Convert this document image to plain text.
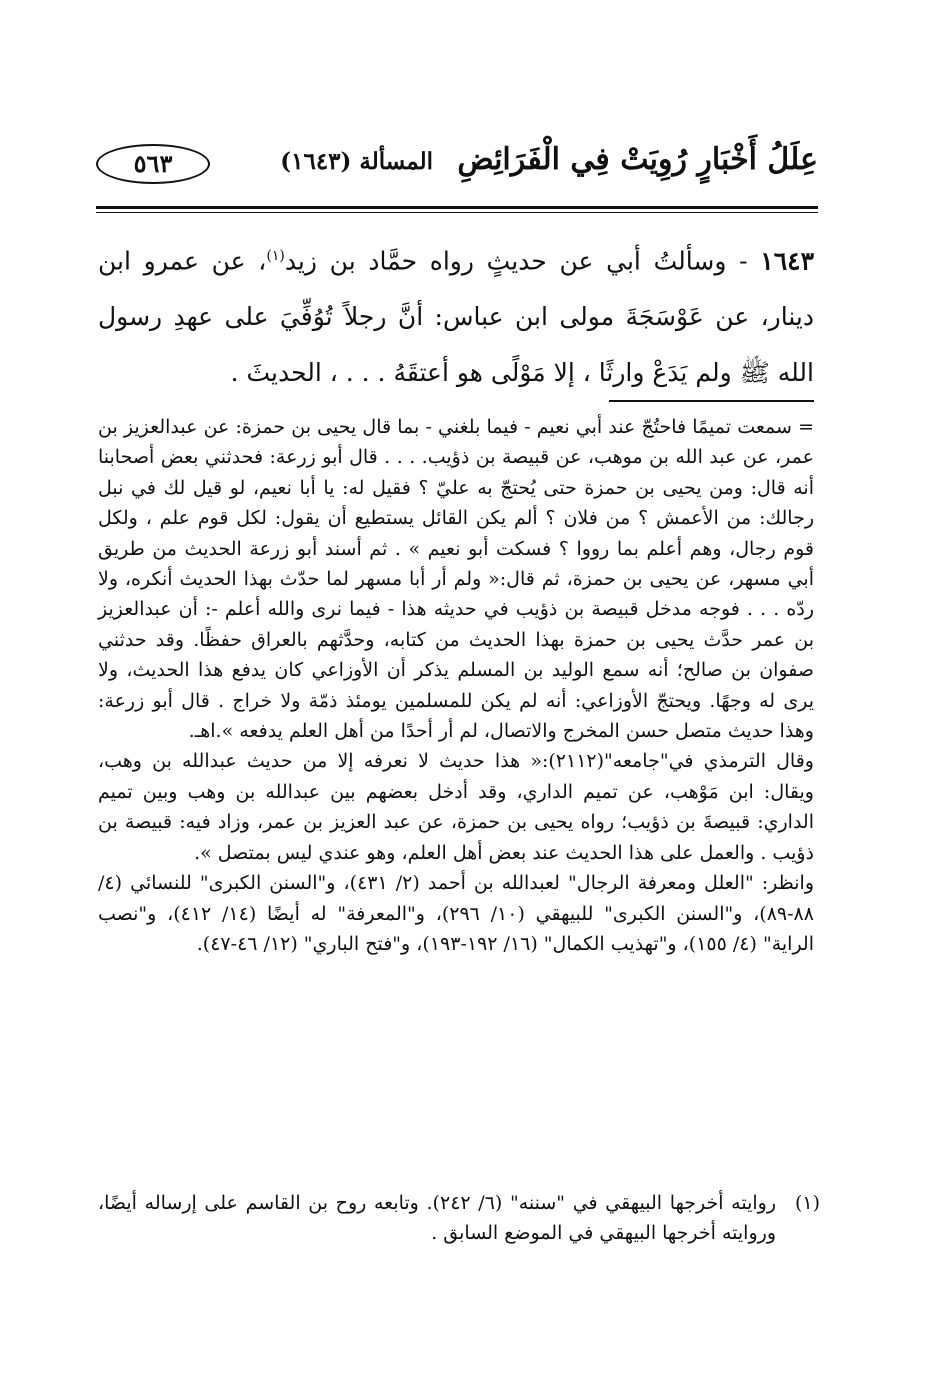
عِلَلُ أَخْبَارٍ رُوِيَتْ فِي الْفَرَائِضِ
المسألة (١٦٤٣)
٥٦٣

١٦٤٣ - وسألتُ أبي عن حديثٍ رواه حمَّاد بن زيد$^{(١)}$، عن عمرو ابن دينار، عن عَوْسَجَةَ مولى ابن عباس: أنَّ رجلاً تُوُفِّيَ على عهدِ رسول الله ﷺ ولم يَدَعْ وارثًا ، إلا مَوْلًى هو أعتقَهُ . . . ، الحديثَ .

= سمعت تميمًا فاحتُجّ عند أبي نعيم - فيما بلغني - بما قال يحيى بن حمزة: عن عبدالعزيز بن عمر، عن عبد الله بن موهب، عن قبيصة بن ذؤيب. . . . قال أبو زرعة: فحدثني بعض أصحابنا أنه قال: ومن يحيى بن حمزة حتى يُحتجّ به عليّ ؟ فقيل له: يا أبا نعيم، لو قيل لك في نبل رجالك: من الأعمش ؟ من فلان ؟ ألم يكن القائل يستطيع أن يقول: لكل قوم علم ، ولكل قوم رجال، وهم أعلم بما رووا ؟ فسكت أبو نعيم » . ثم أسند أبو زرعة الحديث من طريق أبي مسهر، عن يحيى بن حمزة، ثم قال:« ولم أر أبا مسهر لما حدّث بهذا الحديث أنكره، ولا ردّه . . . فوجه مدخل قبيصة بن ذؤيب في حديثه هذا - فيما نرى والله أعلم -: أن عبدالعزيز بن عمر حدَّث يحيى بن حمزة بهذا الحديث من كتابه، وحدَّثهم بالعراق حفظًا. وقد حدثني صفوان بن صالح؛ أنه سمع الوليد بن المسلم يذكر أن الأوزاعي كان يدفع هذا الحديث، ولا يرى له وجهًا. ويحتجّ الأوزاعي: أنه لم يكن للمسلمين يومئذ ذمّة ولا خراج . قال أبو زرعة: وهذا حديث متصل حسن المخرج والاتصال، لم أر أحدًا من أهل العلم يدفعه ».اهـ.

وقال الترمذي في"جامعه"(٢١١٢):« هذا حديث لا نعرفه إلا من حديث عبدالله بن وهب، ويقال: ابن مَوْهب، عن تميم الداري، وقد أدخل بعضهم بين عبدالله بن وهب وبين تميم الداري: قبيصةَ بن ذؤيب؛ رواه يحيى بن حمزة، عن عبد العزيز بن عمر، وزاد فيه: قبيصة بن ذؤيب . والعمل على هذا الحديث عند بعض أهل العلم، وهو عندي ليس بمتصل ».

وانظر: "العلل ومعرفة الرجال" لعبدالله بن أحمد (٢/ ٤٣١)، و"السنن الكبرى" للنسائي (٤/ ٨٨-٨٩)، و"السنن الكبرى" للبيهقي (١٠/ ٢٩٦)، و"المعرفة" له أيضًا (١٤/ ٤١٢)، و"نصب الراية" (٤/ ١٥٥)، و"تهذيب الكمال" (١٦/ ١٩٢-١٩٣)، و"فتح الباري" (١٢/ ٤٦-٤٧).

(١)

روايته أخرجها البيهقي في "سننه" (٦/ ٢٤٢). وتابعه روح بن القاسم على إرساله أيضًا، وروايته أخرجها البيهقي في الموضع السابق .
